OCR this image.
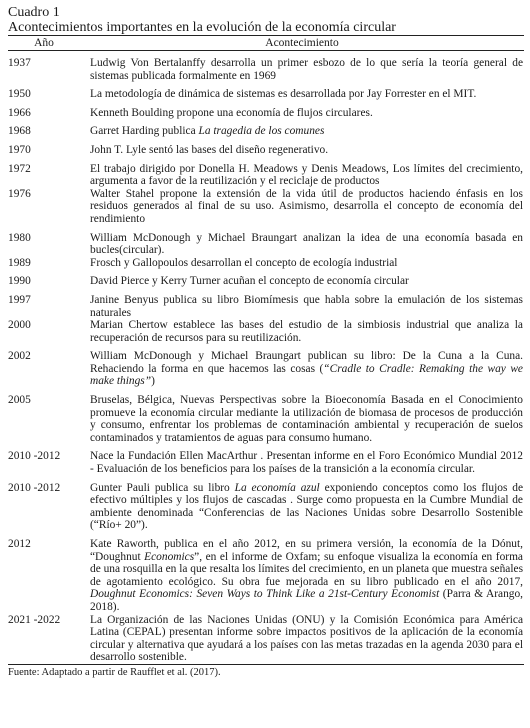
Cuadro 1
Acontecimientos importantes en la evolución de la economía circular
Año	Acontecimiento
1937	Ludwig Von Bertalanffy desarrolla un primer esbozo de lo que sería la teoría general de sistemas publicada formalmente en 1969
1950	La metodología de dinámica de sistemas es desarrollada por Jay Forrester en el MIT.
1966	Kenneth Boulding propone una economía de flujos circulares.
1968	Garret Harding publica La tragedia de los comunes
1970	John T. Lyle sentó las bases del diseño regenerativo.
1972	El trabajo dirigido por Donella H. Meadows y Denis Meadows, Los límites del crecimiento, argumenta a favor de la reutilización y el reciclaje de productos
1976	Walter Stahel propone la extensión de la vida útil de productos haciendo énfasis en los residuos generados al final de su uso. Asimismo, desarrolla el concepto de economía del rendimiento
1980	William McDonough y Michael Braungart analizan la idea de una economía basada en bucles(circular).
1989	Frosch y Gallopoulos desarrollan el concepto de ecología industrial
1990	David Pierce y Kerry Turner acuñan el concepto de economía circular
1997	Janine Benyus publica su libro Biomímesis que habla sobre la emulación de los sistemas naturales
2000	Marian Chertow establece las bases del estudio de la simbiosis industrial que analiza la recuperación de recursos para su reutilización.
2002	William McDonough y Michael Braungart publican su libro: De la Cuna a la Cuna. Rehaciendo la forma en que hacemos las cosas (“Cradle to Cradle: Remaking the way we make things”)
2005	Bruselas, Bélgica, Nuevas Perspectivas sobre la Bioeconomía Basada en el Conocimiento promueve la economía circular mediante la utilización de biomasa de procesos de producción y consumo, enfrentar los problemas de contaminación ambiental y recuperación de suelos contaminados y tratamientos de aguas para consumo humano.
2010 -2012	Nace la Fundación Ellen MacArthur . Presentan informe en el Foro Económico Mundial 2012 - Evaluación de los beneficios para los países de la transición a la economía circular.
2010 -2012	Gunter Pauli publica su libro La economía azul exponiendo conceptos como los flujos de efectivo múltiples y los flujos de cascadas . Surge como propuesta en la Cumbre Mundial de ambiente denominada “Conferencias de las Naciones Unidas sobre Desarrollo Sostenible (“Río+ 20”).
2012	Kate Raworth, publica en el año 2012, en su primera versión, la economía de la Dónut, “Doughnut Economics”, en el informe de Oxfam; su enfoque visualiza la economía en forma de una rosquilla en la que resalta los límites del crecimiento, en un planeta que muestra señales de agotamiento ecológico. Su obra fue mejorada en su libro publicado en el año 2017, Doughnut Economics: Seven Ways to Think Like a 21st-Century Economist (Parra & Arango, 2018).
2021 -2022	La Organización de las Naciones Unidas (ONU) y la Comisión Económica para América Latina (CEPAL) presentan informe sobre impactos positivos de la aplicación de la economía circular y alternativa que ayudará a los países con las metas trazadas en la agenda 2030 para el desarrollo sostenible.
Fuente: Adaptado a partir de Raufflet et al. (2017).
